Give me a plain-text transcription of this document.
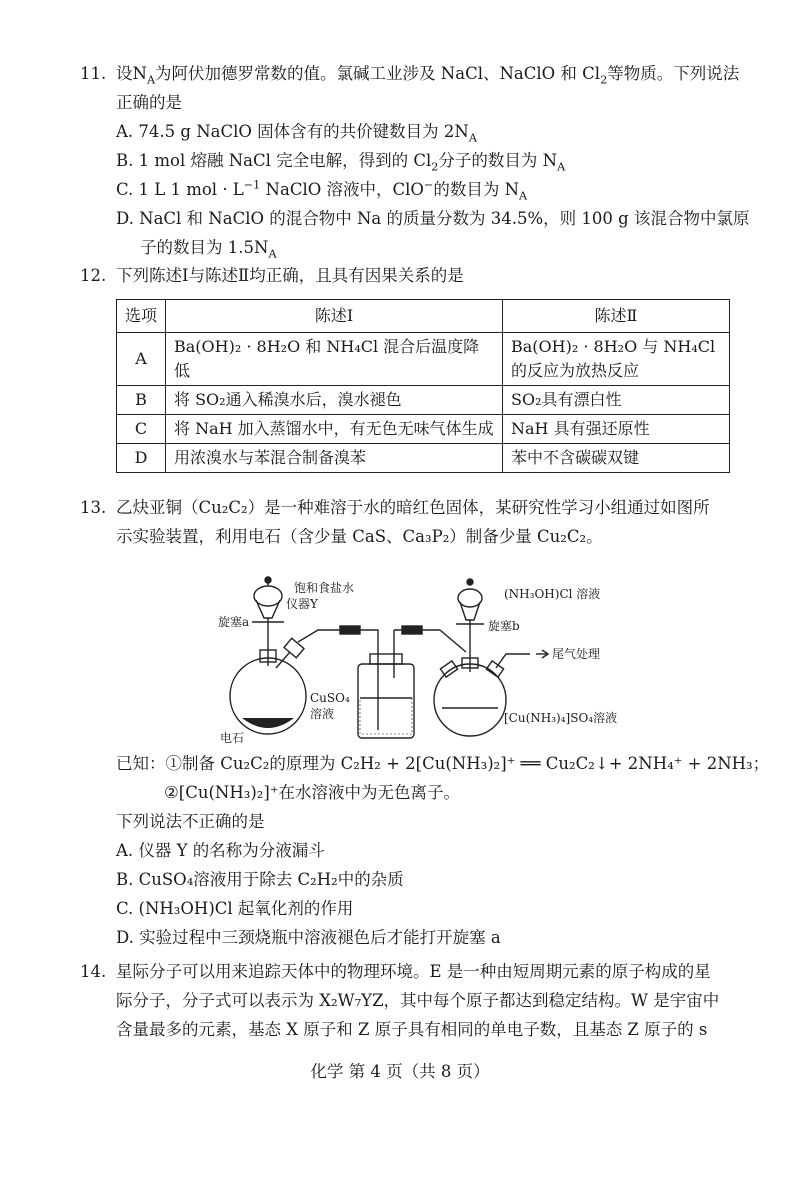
11. 设$N_A$为阿伏加德罗常数的值。氯碱工业涉及 NaCl、NaClO 和 $Cl_2$等物质。下列说法
正确的是
A. 74.5 g NaClO 固体含有的共价键数目为 $2N_A$
B. 1 mol 熔融 NaCl 完全电解，得到的 $Cl_2$分子的数目为 $N_A$
C. 1 L 1 mol · $L^{-1}$ NaClO 溶液中，ClO−的数目为 $N_A$
D. NaCl 和 NaClO 的混合物中 Na 的质量分数为 34.5%，则 100 g 该混合物中氯原
子的数目为 $1.5N_A$
12. 下列陈述Ⅰ与陈述Ⅱ均正确，且具有因果关系的是
选项	陈述Ⅰ	陈述Ⅱ
A	Ba(OH)₂ · 8H₂O 和 NH₄Cl 混合后温度降低	Ba(OH)₂ · 8H₂O 与 NH₄Cl
的反应为放热反应

B	将 SO₂通入稀溴水后，溴水褪色	SO₂具有漂白性
C	将 NaH 加入蒸馏水中，有无色无味气体生成	NaH 具有强还原性
D	用浓溴水与苯混合制备溴苯	苯中不含碳碳双键
13. 乙炔亚铜（Cu₂C₂）是一种难溶于水的暗红色固体，某研究性学习小组通过如图所
示实验装置，利用电石（含少量 CaS、Ca₃P₂）制备少量 Cu₂C₂。
饱和食盐水
仪器Y
旋塞a
电石
CuSO₄
溶液
(NH₃OH)Cl 溶液
旋塞b
尾气处理
[Cu(NH₃)₄]SO₄溶液
已知：①制备 Cu₂C₂的原理为 C₂H₂ + 2[Cu(NH₃)₂]⁺ ══ Cu₂C₂↓+ 2NH₄⁺ + 2NH₃；
②[Cu(NH₃)₂]⁺在水溶液中为无色离子。
下列说法不正确的是
A. 仪器 Y 的名称为分液漏斗
B. CuSO₄溶液用于除去 C₂H₂中的杂质
C. (NH₃OH)Cl 起氧化剂的作用
D. 实验过程中三颈烧瓶中溶液褪色后才能打开旋塞 a
14. 星际分子可以用来追踪天体中的物理环境。E 是一种由短周期元素的原子构成的星
际分子，分子式可以表示为 X₂W₇YZ，其中每个原子都达到稳定结构。W 是宇宙中
含量最多的元素，基态 X 原子和 Z 原子具有相同的单电子数，且基态 Z 原子的 s
化学 第 4 页（共 8 页）
